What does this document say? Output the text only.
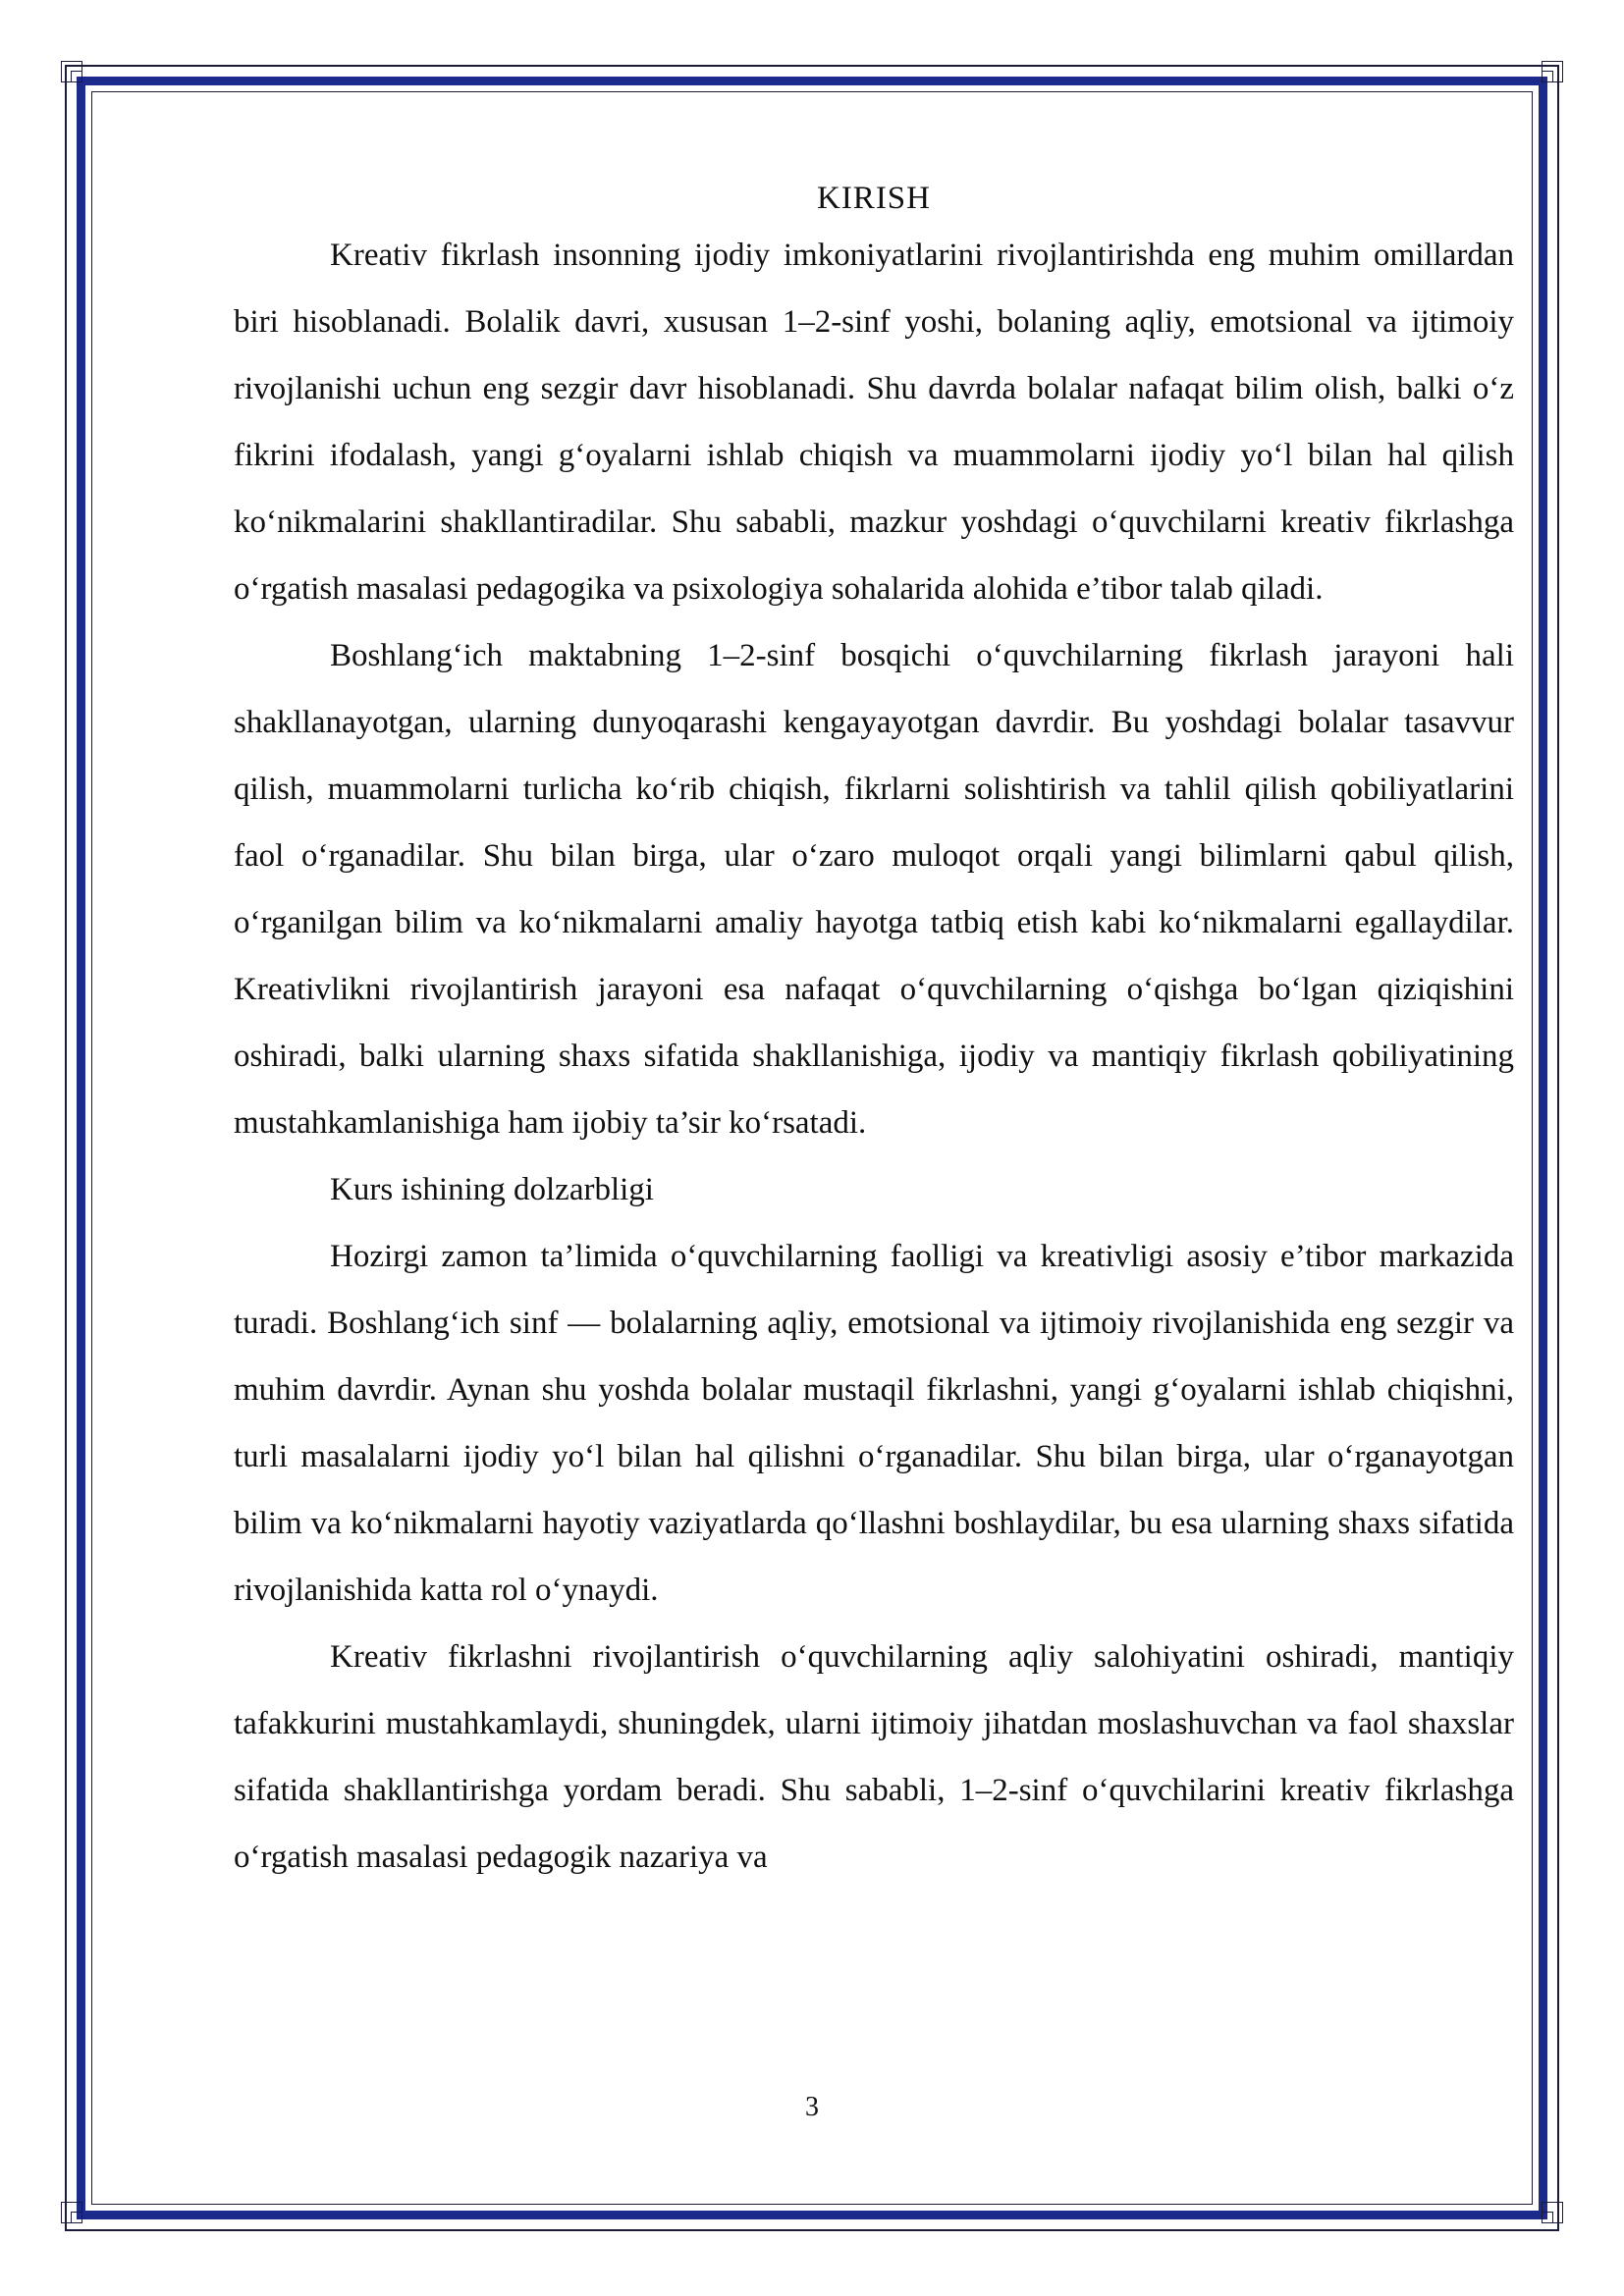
KIRISH

Kreativ fikrlash insonning ijodiy imkoniyatlarini rivojlantirishda eng muhim omillardan biri hisoblanadi. Bolalik davri, xususan 1–2-sinf yoshi, bolaning aqliy, emotsional va ijtimoiy rivojlanishi uchun eng sezgir davr hisoblanadi. Shu davrda bolalar nafaqat bilim olish, balki o‘z fikrini ifodalash, yangi g‘oyalarni ishlab chiqish va muammolarni ijodiy yo‘l bilan hal qilish ko‘nikmalarini shakllantiradilar. Shu sababli, mazkur yoshdagi o‘quvchilarni kreativ fikrlashga o‘rgatish masalasi pedagogika va psixologiya sohalarida alohida e’tibor talab qiladi.

Boshlang‘ich maktabning 1–2-sinf bosqichi o‘quvchilarning fikrlash jarayoni hali shakllanayotgan, ularning dunyoqarashi kengayayotgan davrdir. Bu yoshdagi bolalar tasavvur qilish, muammolarni turlicha ko‘rib chiqish, fikrlarni solishtirish va tahlil qilish qobiliyatlarini faol o‘rganadilar. Shu bilan birga, ular o‘zaro muloqot orqali yangi bilimlarni qabul qilish, o‘rganilgan bilim va ko‘nikmalarni amaliy hayotga tatbiq etish kabi ko‘nikmalarni egallaydilar. Kreativlikni rivojlantirish jarayoni esa nafaqat o‘quvchilarning o‘qishga bo‘lgan qiziqishini oshiradi, balki ularning shaxs sifatida shakllanishiga, ijodiy va mantiqiy fikrlash qobiliyatining mustahkamlanishiga ham ijobiy ta’sir ko‘rsatadi.

Kurs ishining dolzarbligi

Hozirgi zamon ta’limida o‘quvchilarning faolligi va kreativligi asosiy e’tibor markazida turadi. Boshlang‘ich sinf — bolalarning aqliy, emotsional va ijtimoiy rivojlanishida eng sezgir va muhim davrdir. Aynan shu yoshda bolalar mustaqil fikrlashni, yangi g‘oyalarni ishlab chiqishni, turli masalalarni ijodiy yo‘l bilan hal qilishni o‘rganadilar. Shu bilan birga, ular o‘rganayotgan bilim va ko‘nikmalarni hayotiy vaziyatlarda qo‘llashni boshlaydilar, bu esa ularning shaxs sifatida rivojlanishida katta rol o‘ynaydi.

Kreativ fikrlashni rivojlantirish o‘quvchilarning aqliy salohiyatini oshiradi, mantiqiy tafakkurini mustahkamlaydi, shuningdek, ularni ijtimoiy jihatdan moslashuvchan va faol shaxslar sifatida shakllantirishga yordam beradi. Shu sababli, 1–2-sinf o‘quvchilarini kreativ fikrlashga o‘rgatish masalasi pedagogik nazariya va

3
